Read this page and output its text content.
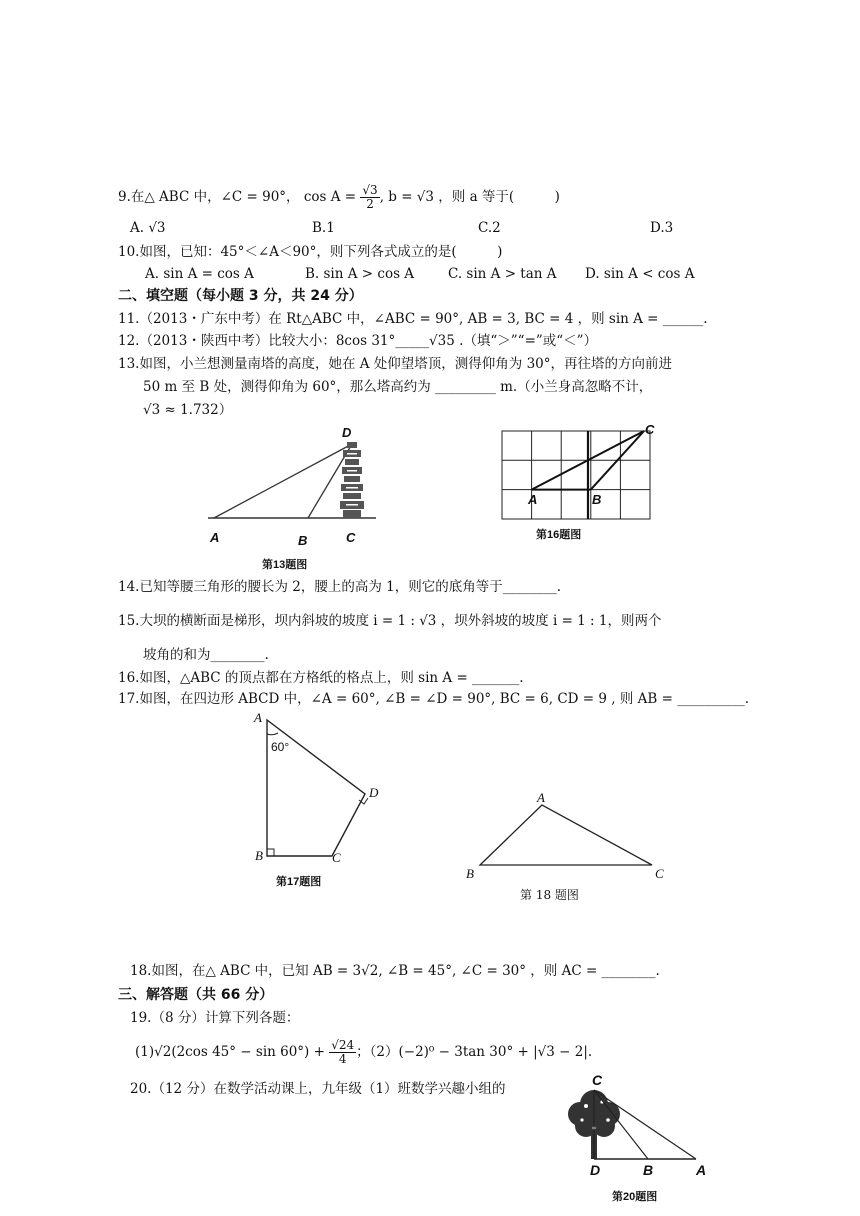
9.在△ ABC 中，∠C = 90°， $\cos A = \frac{√3}{2}$ , b = √3 ，则 a 等于(　　　)
A. √3	B.1	C.2	D.3
10.如图，已知：45°＜∠A＜90°，则下列各式成立的是(　　　)
A. sin A = cos A	B. sin A > cos A	C. sin A > tan A D. sin A < cos A
二、填空题（每小题 3 分，共 24 分）
11.（2013・广东中考）在 Rt△ABC 中，∠ABC = 90°, AB = 3, BC = 4 ，则 sin A = ______.
12.（2013・陕西中考）比较大小：8cos 31°_____√35 .（填“＞”“=”或“＜”）
13.如图，小兰想测量南塔的高度，她在 A 处仰望塔顶，测得仰角为 30°，再往塔的方向前进
50 m 至 B 处，测得仰角为 60°，那么塔高约为 _________ m.（小兰身高忽略不计，
√3 ≈ 1.732）
D
A	B	C
第13题图
C
A	B
第16题图
14.已知等腰三角形的腰长为 2，腰上的高为 1，则它的底角等于________.
15.大坝的横断面是梯形，坝内斜坡的坡度 i = 1 : √3 ，坝外斜坡的坡度 i = 1 : 1，则两个
坡角的和为________.
16.如图，△ABC 的顶点都在方格纸的格点上，则 sin A = _______.
17.如图，在四边形 ABCD 中，∠A = 60°, ∠B = ∠D = 90°, BC = 6, CD = 9 , 则 AB = __________.
A
60°
D
B	C
第17题图
A
B	C
第 18 题图
18.如图，在△ ABC 中，已知 AB = 3√2, ∠B = 45°, ∠C = 30° ，则 AC = ________.
三、解答题（共 66 分）
19.（8 分）计算下列各题：
(1)√2(2cos $45^\circ - \sin 60^\circ) + \frac{√24}{4}$ ；（2）(−2)⁰ − 3tan 30° + |√3 − 2|.
20.（12 分）在数学活动课上，九年级（1）班数学兴趣小组的
C
D	B	A
第20题图
